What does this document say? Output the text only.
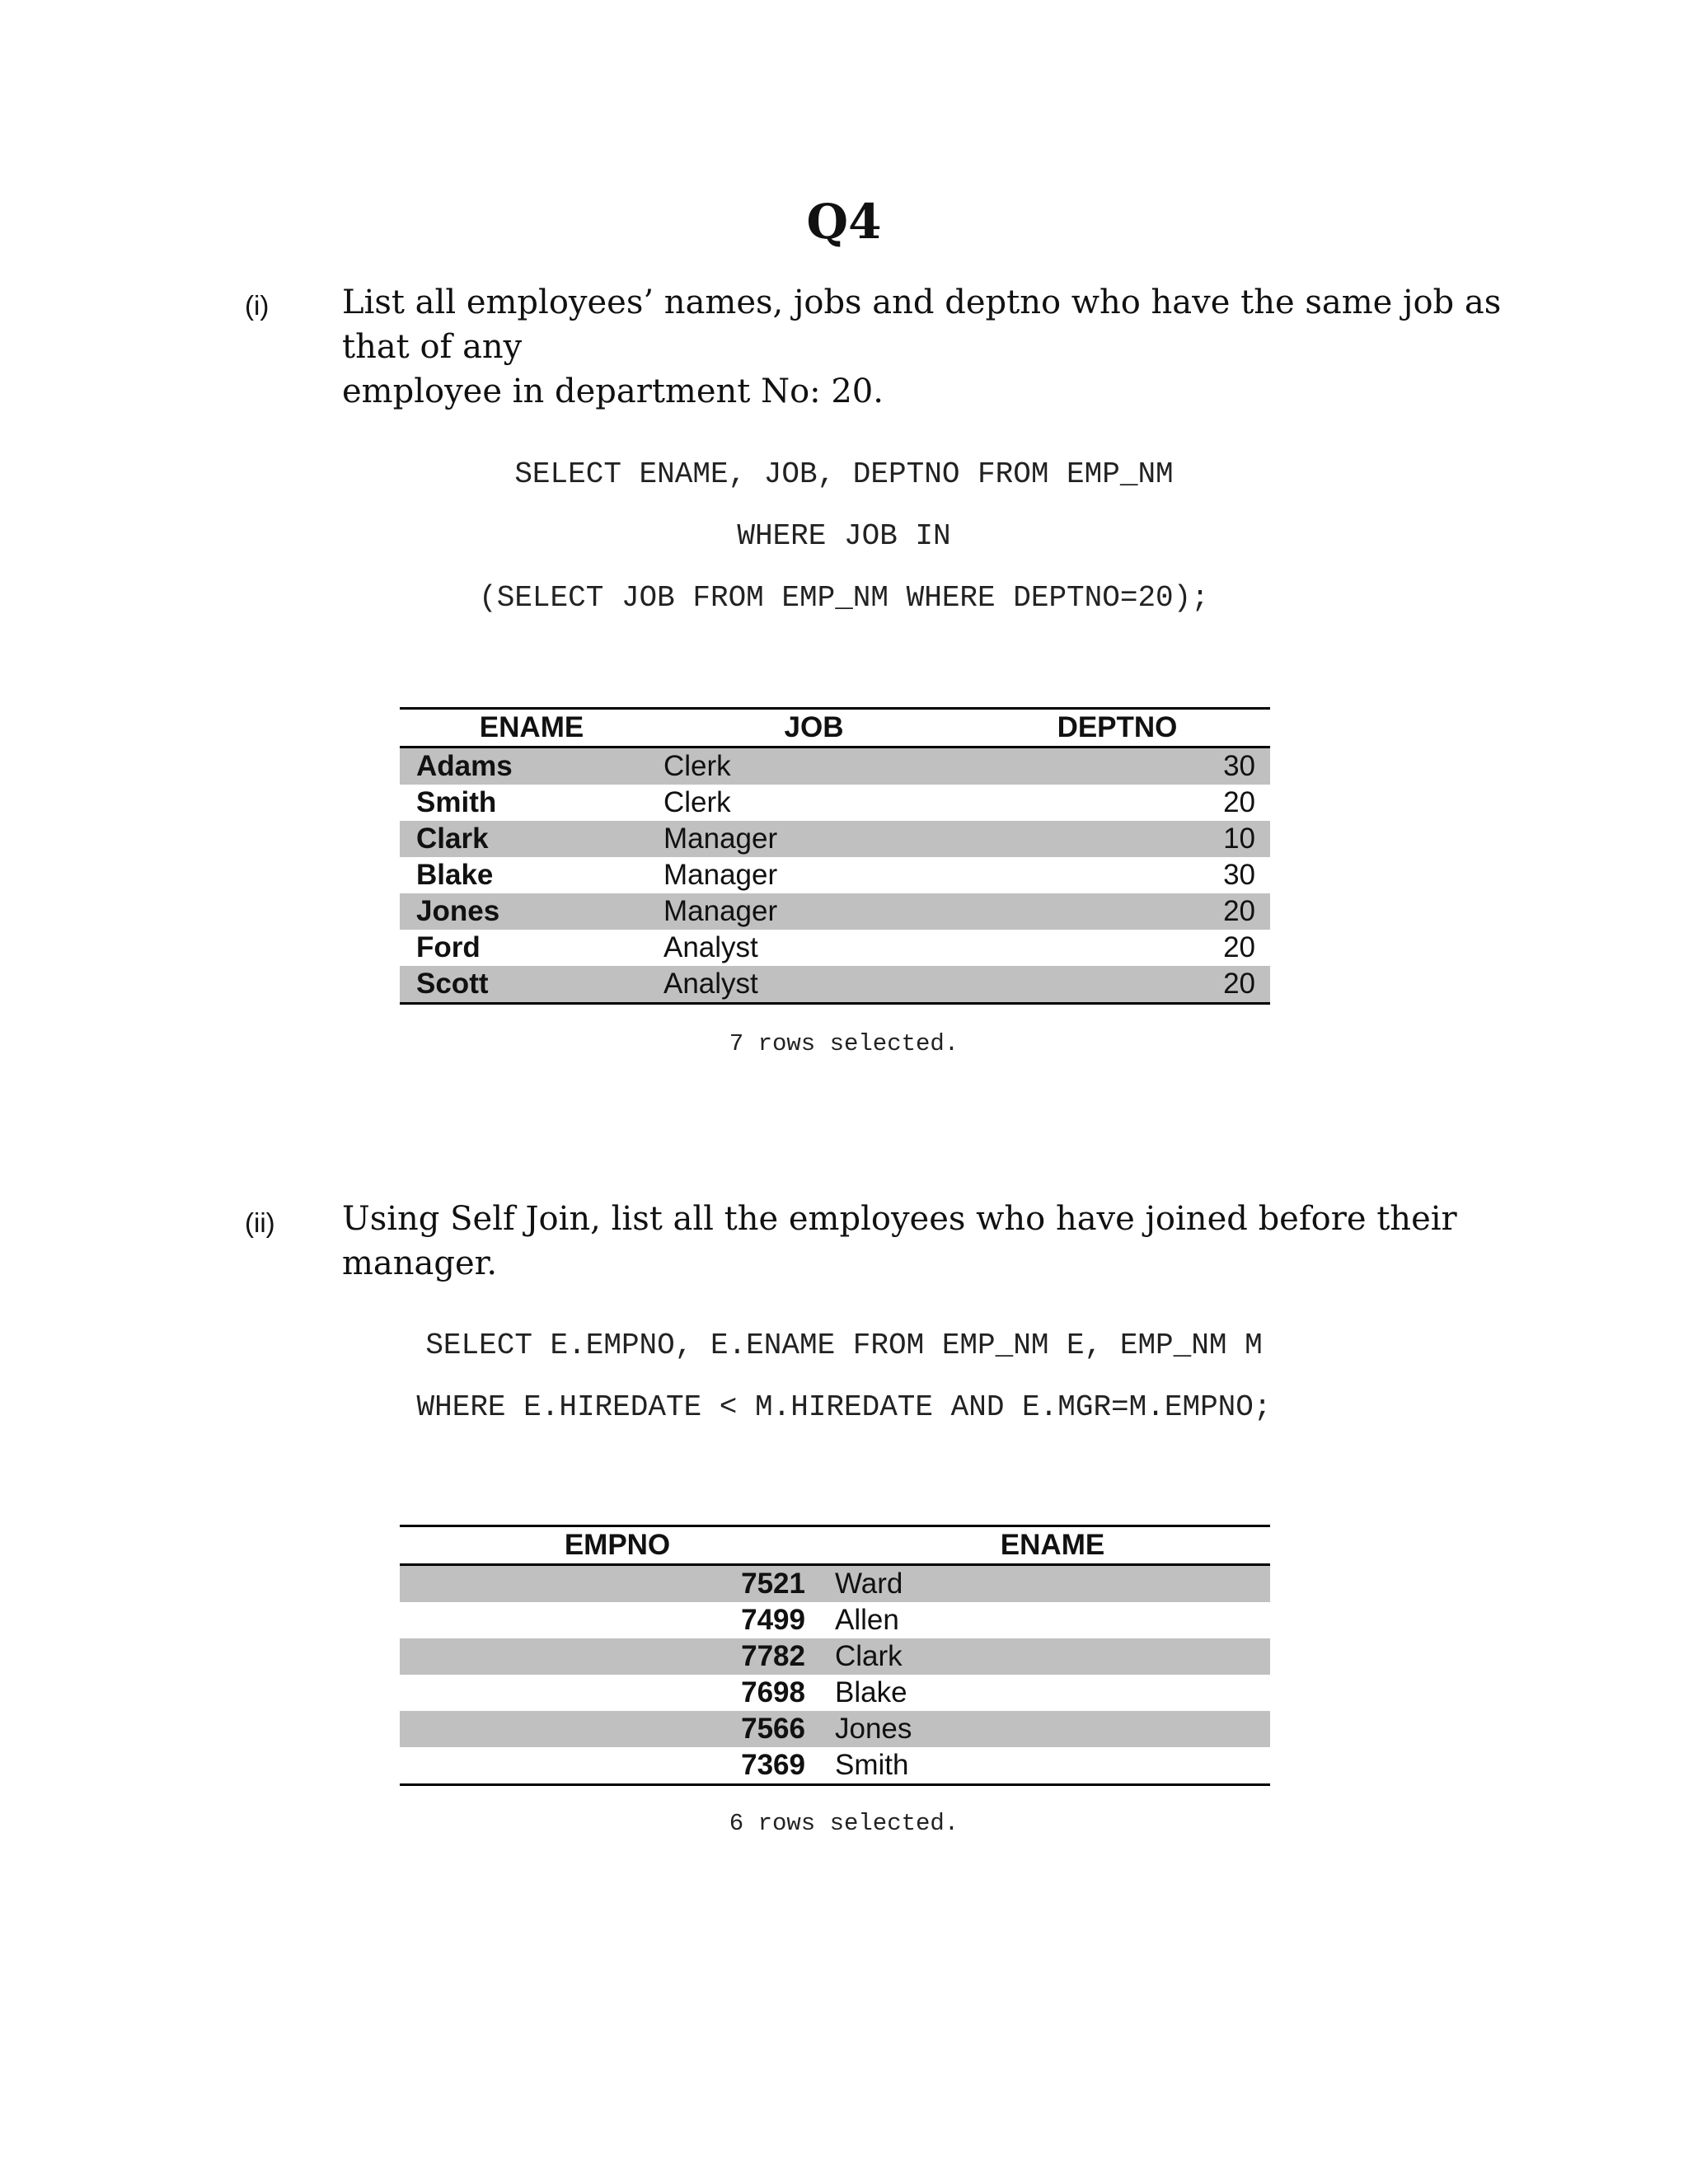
Q4
(i) List all employees’ names, jobs and deptno who have the same job as that of any
employee in department No: 20.
SELECT ENAME, JOB, DEPTNO FROM EMP_NM
WHERE JOB IN
(SELECT JOB FROM EMP_NM WHERE DEPTNO=20);
ENAME	JOB	DEPTNO
Adams	Clerk	30
Smith	Clerk	20
Clark	Manager	10
Blake	Manager	30
Jones	Manager	20
Ford	Analyst	20
Scott	Analyst	20
7 rows selected.
(ii) Using Self Join, list all the employees who have joined before their manager.
SELECT E.EMPNO, E.ENAME FROM EMP_NM E, EMP_NM M
WHERE E.HIREDATE < M.HIREDATE AND E.MGR=M.EMPNO;
EMPNO	ENAME
7521	Ward
7499	Allen
7782	Clark
7698	Blake
7566	Jones
7369	Smith
6 rows selected.
